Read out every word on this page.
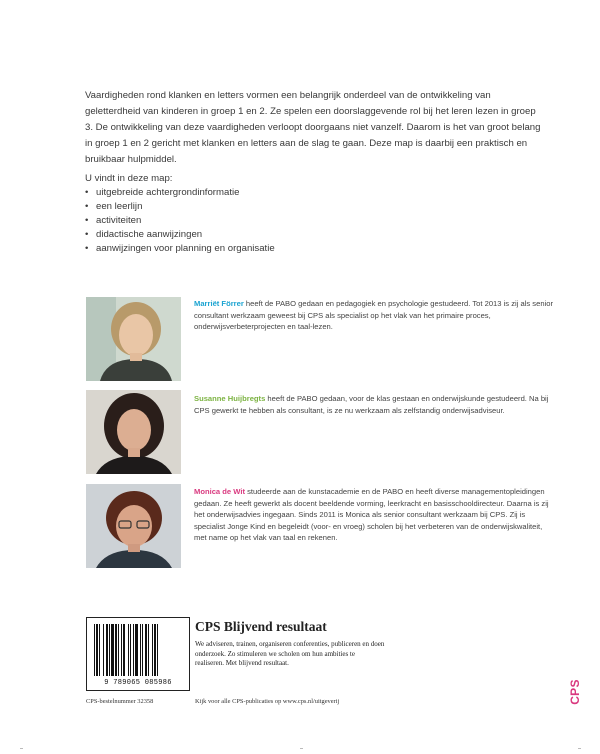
Vaardigheden rond klanken en letters vormen een belangrijk onderdeel van de ontwikkeling van geletterdheid van kinderen in groep 1 en 2. Ze spelen een doorslaggevende rol bij het leren lezen in groep 3. De ontwikkeling van deze vaardigheden verloopt doorgaans niet vanzelf. Daarom is het van groot belang in groep 1 en 2 gericht met klanken en letters aan de slag te gaan. Deze map is daarbij een praktisch en bruikbaar hulpmiddel.

U vindt in deze map:
• uitgebreide achtergrondinformatie
• een leerlijn
• activiteiten
• didactische aanwijzingen
• aanwijzingen voor planning en organisatie

Marriët Förrer heeft de PABO gedaan en pedagogiek en psychologie gestudeerd. Tot 2013 is zij als senior consultant werkzaam geweest bij CPS als specialist op het vlak van het primaire proces, onderwijsverbeterprojecten en taal-lezen.

Susanne Huijbregts heeft de PABO gedaan, voor de klas gestaan en onderwijskunde gestudeerd. Na bij CPS gewerkt te hebben als consultant, is ze nu werkzaam als zelfstandig onderwijsadviseur.

Monica de Wit studeerde aan de kunstacademie en de PABO en heeft diverse managementopleidingen gedaan. Ze heeft gewerkt als docent beeldende vorming, leerkracht en basisschooldirecteur. Daarna is zij het onderwijsadvies ingegaan. Sinds 2011 is Monica als senior consultant werkzaam bij CPS. Zij is specialist Jonge Kind en begeleidt (voor- en vroeg) scholen bij het verbeteren van de onderwijskwaliteit, met name op het vlak van taal en rekenen.

9 789065 085986
CPS Blijvend resultaat

We adviseren, trainen, organiseren conferenties, publiceren en doen onderzoek. Zo stimuleren we scholen om hun ambities te realiseren. Met blijvend resultaat.

CPS-bestelnummer 32358	Kijk voor alle CPS-publicaties op www.cps.nl/uitgeverij	CPS
